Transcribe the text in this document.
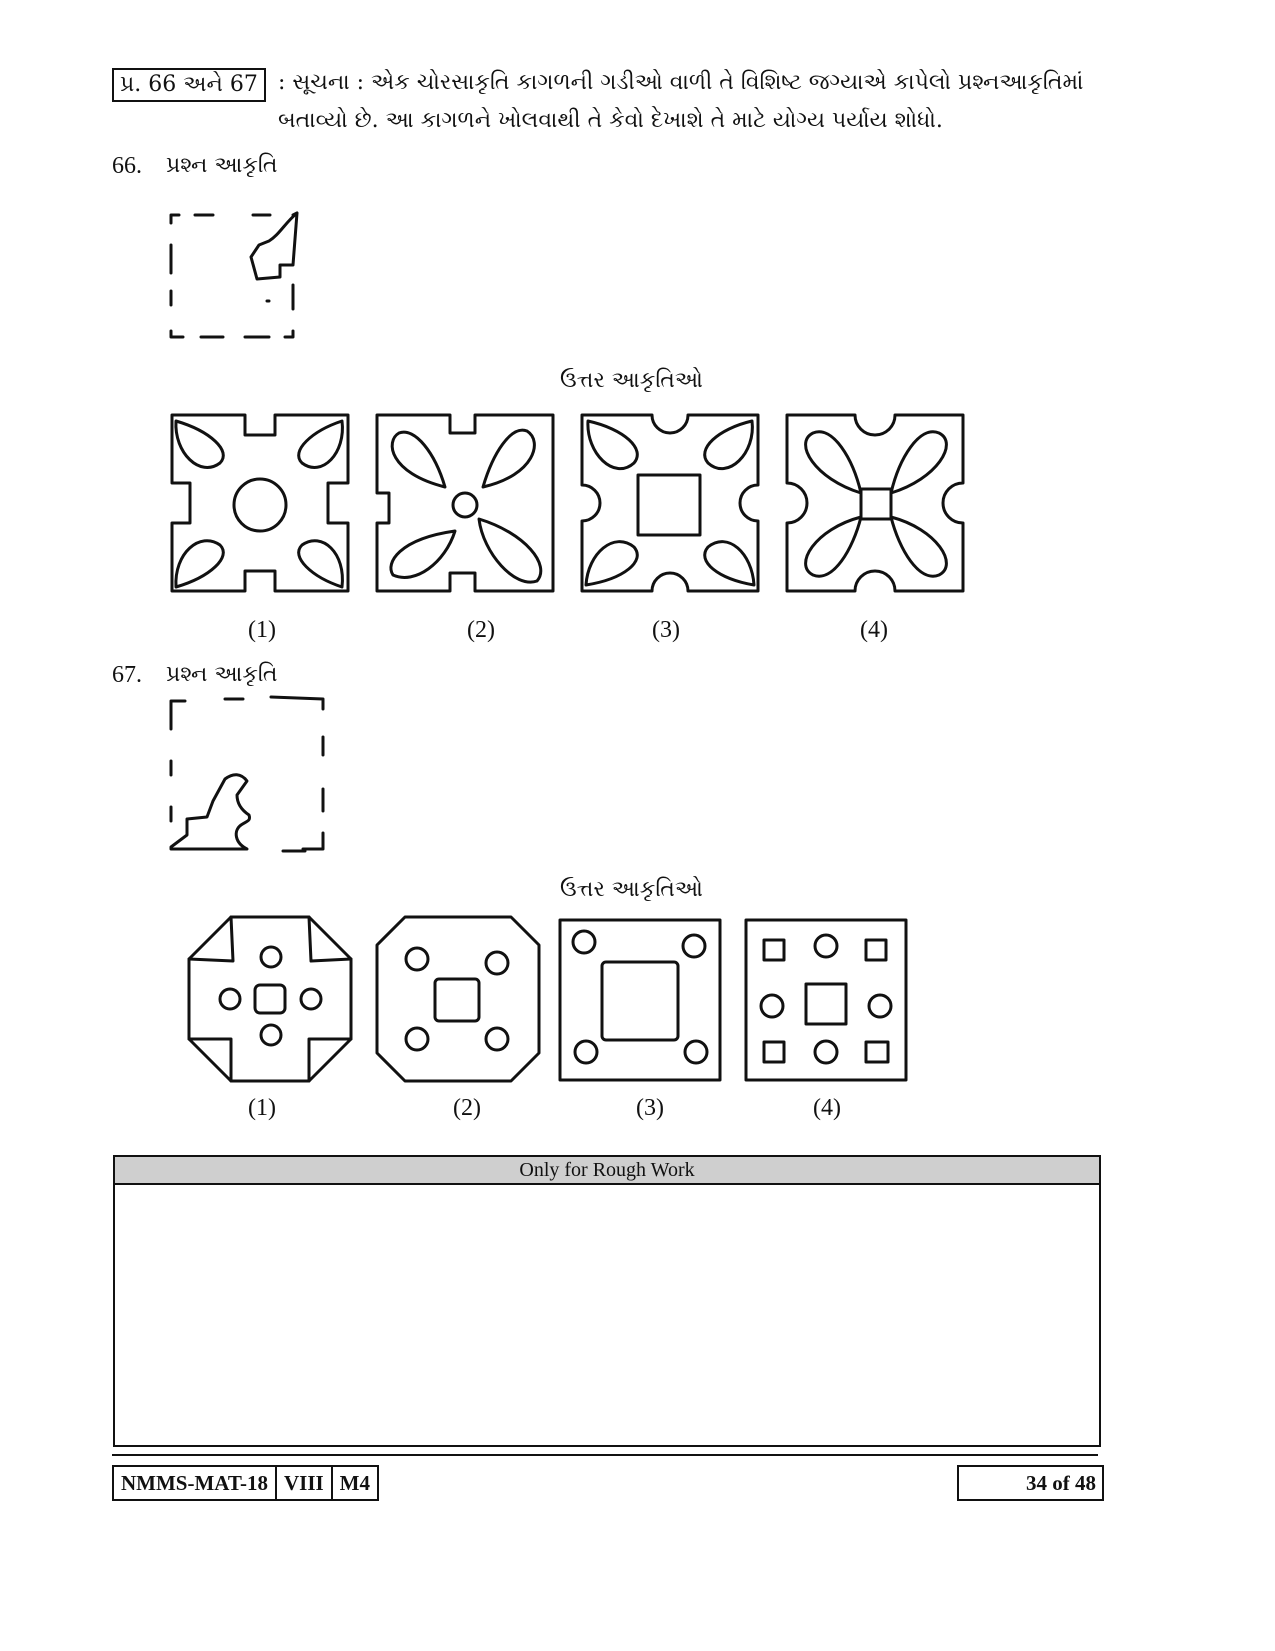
પ્ર. 66 અને 67 : સૂચના : એક ચોરસાકૃતિ કાગળની ગડીઓ વાળી તે વિશિષ્ટ જગ્યાએ કાપેલો પ્રશ્નઆકૃતિમાં
બતાવ્યો છે. આ કાગળને ખોલવાથી તે કેવો દેખાશે તે માટે યોગ્ય પર્યાય શોધો.
66. પ્રશ્ન આકૃતિ
ઉત્તર આકૃતિઓ
(1)	(2)	(3)	(4)
67. પ્રશ્ન આકૃતિ
ઉત્તર આકૃતિઓ
(1)	(2)	(3)	(4)
Only for Rough Work
NMMS-MAT-18 VIII M4	34 of 48
